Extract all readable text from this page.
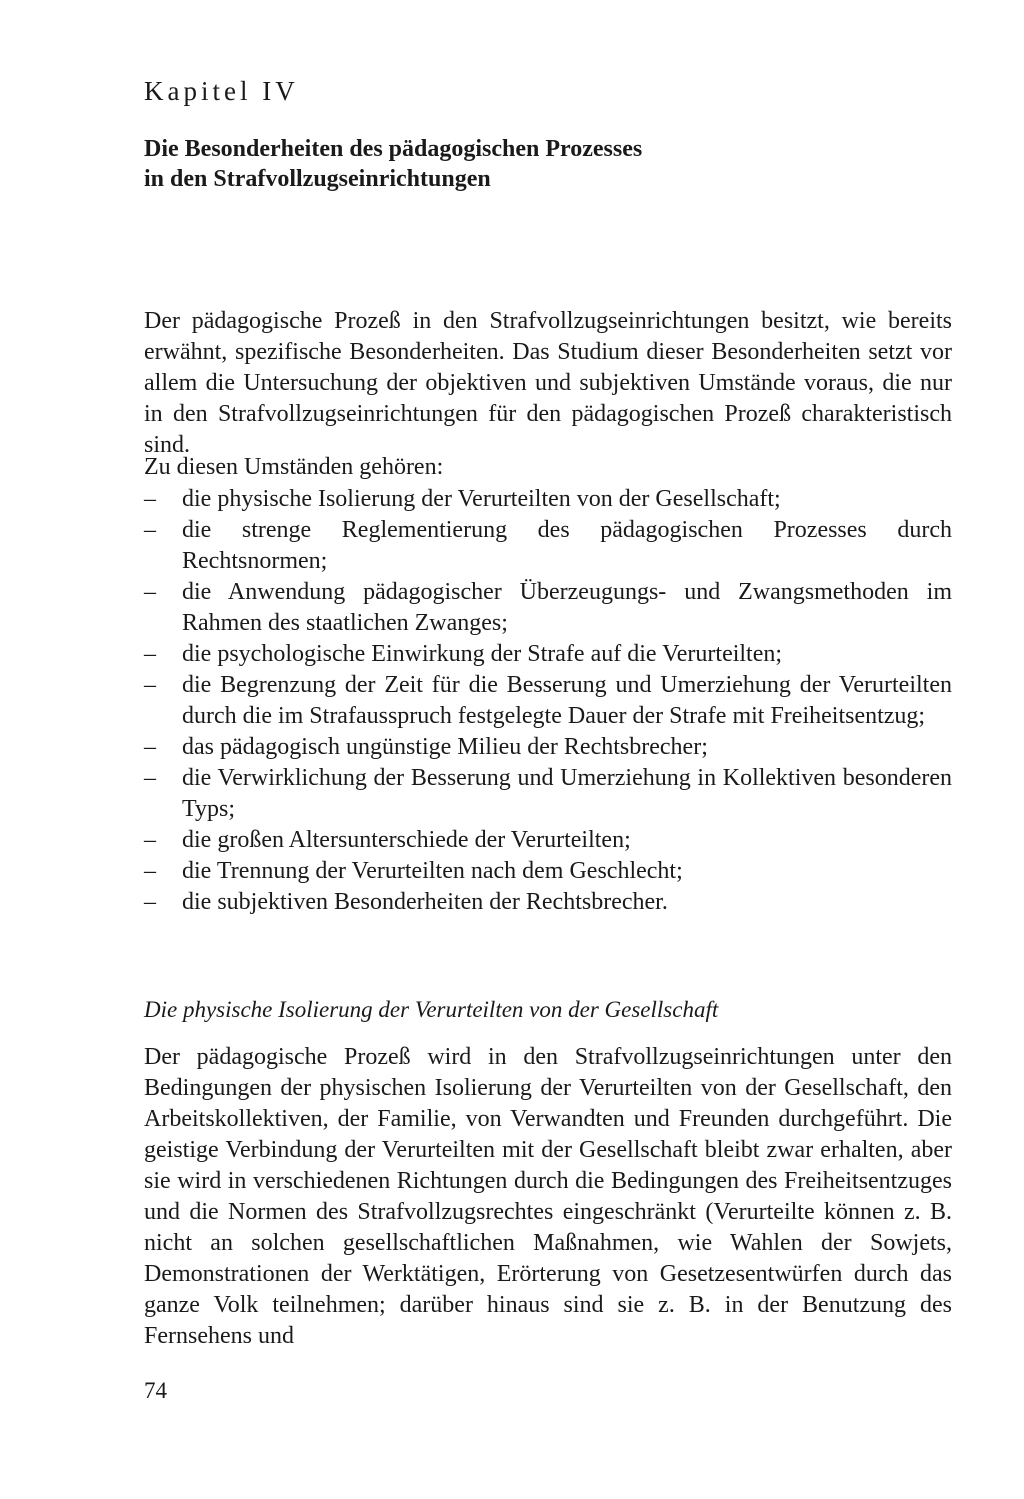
Kapitel IV
Die Besonderheiten des pädagogischen Prozesses
in den Strafvollzugseinrichtungen

Der pädagogische Prozeß in den Strafvollzugseinrichtungen besitzt, wie bereits erwähnt, spezifische Besonderheiten. Das Studium dieser Besonderheiten setzt vor allem die Untersuchung der objektiven und subjektiven Umstände voraus, die nur in den Strafvollzugseinrichtungen für den pädagogischen Prozeß charakteristisch sind.

Zu diesen Umständen gehören:

– die physische Isolierung der Verurteilten von der Gesellschaft;
– die strenge Reglementierung des pädagogischen Prozesses durch Rechtsnormen;
– die Anwendung pädagogischer Überzeugungs- und Zwangsmethoden im Rahmen des staatlichen Zwanges;
– die psychologische Einwirkung der Strafe auf die Verurteilten;
– die Begrenzung der Zeit für die Besserung und Umerziehung der Verurteilten durch die im Strafausspruch festgelegte Dauer der Strafe mit Freiheitsentzug;
– das pädagogisch ungünstige Milieu der Rechtsbrecher;
– die Verwirklichung der Besserung und Umerziehung in Kollektiven besonderen Typs;
– die großen Altersunterschiede der Verurteilten;
– die Trennung der Verurteilten nach dem Geschlecht;
– die subjektiven Besonderheiten der Rechtsbrecher.
Die physische Isolierung der Verurteilten von der Gesellschaft

Der pädagogische Prozeß wird in den Strafvollzugseinrichtungen unter den Bedingungen der physischen Isolierung der Verurteilten von der Gesellschaft, den Arbeitskollektiven, der Familie, von Verwandten und Freunden durchgeführt. Die geistige Verbindung der Verurteilten mit der Gesellschaft bleibt zwar erhalten, aber sie wird in verschiedenen Richtungen durch die Bedingungen des Freiheitsentzuges und die Normen des Strafvollzugsrechtes eingeschränkt (Verurteilte können z. B. nicht an solchen gesellschaftlichen Maßnahmen, wie Wahlen der Sowjets, Demonstrationen der Werktätigen, Erörterung von Gesetzesentwürfen durch das ganze Volk teilnehmen; darüber hinaus sind sie z. B. in der Benutzung des Fernsehens und

74
